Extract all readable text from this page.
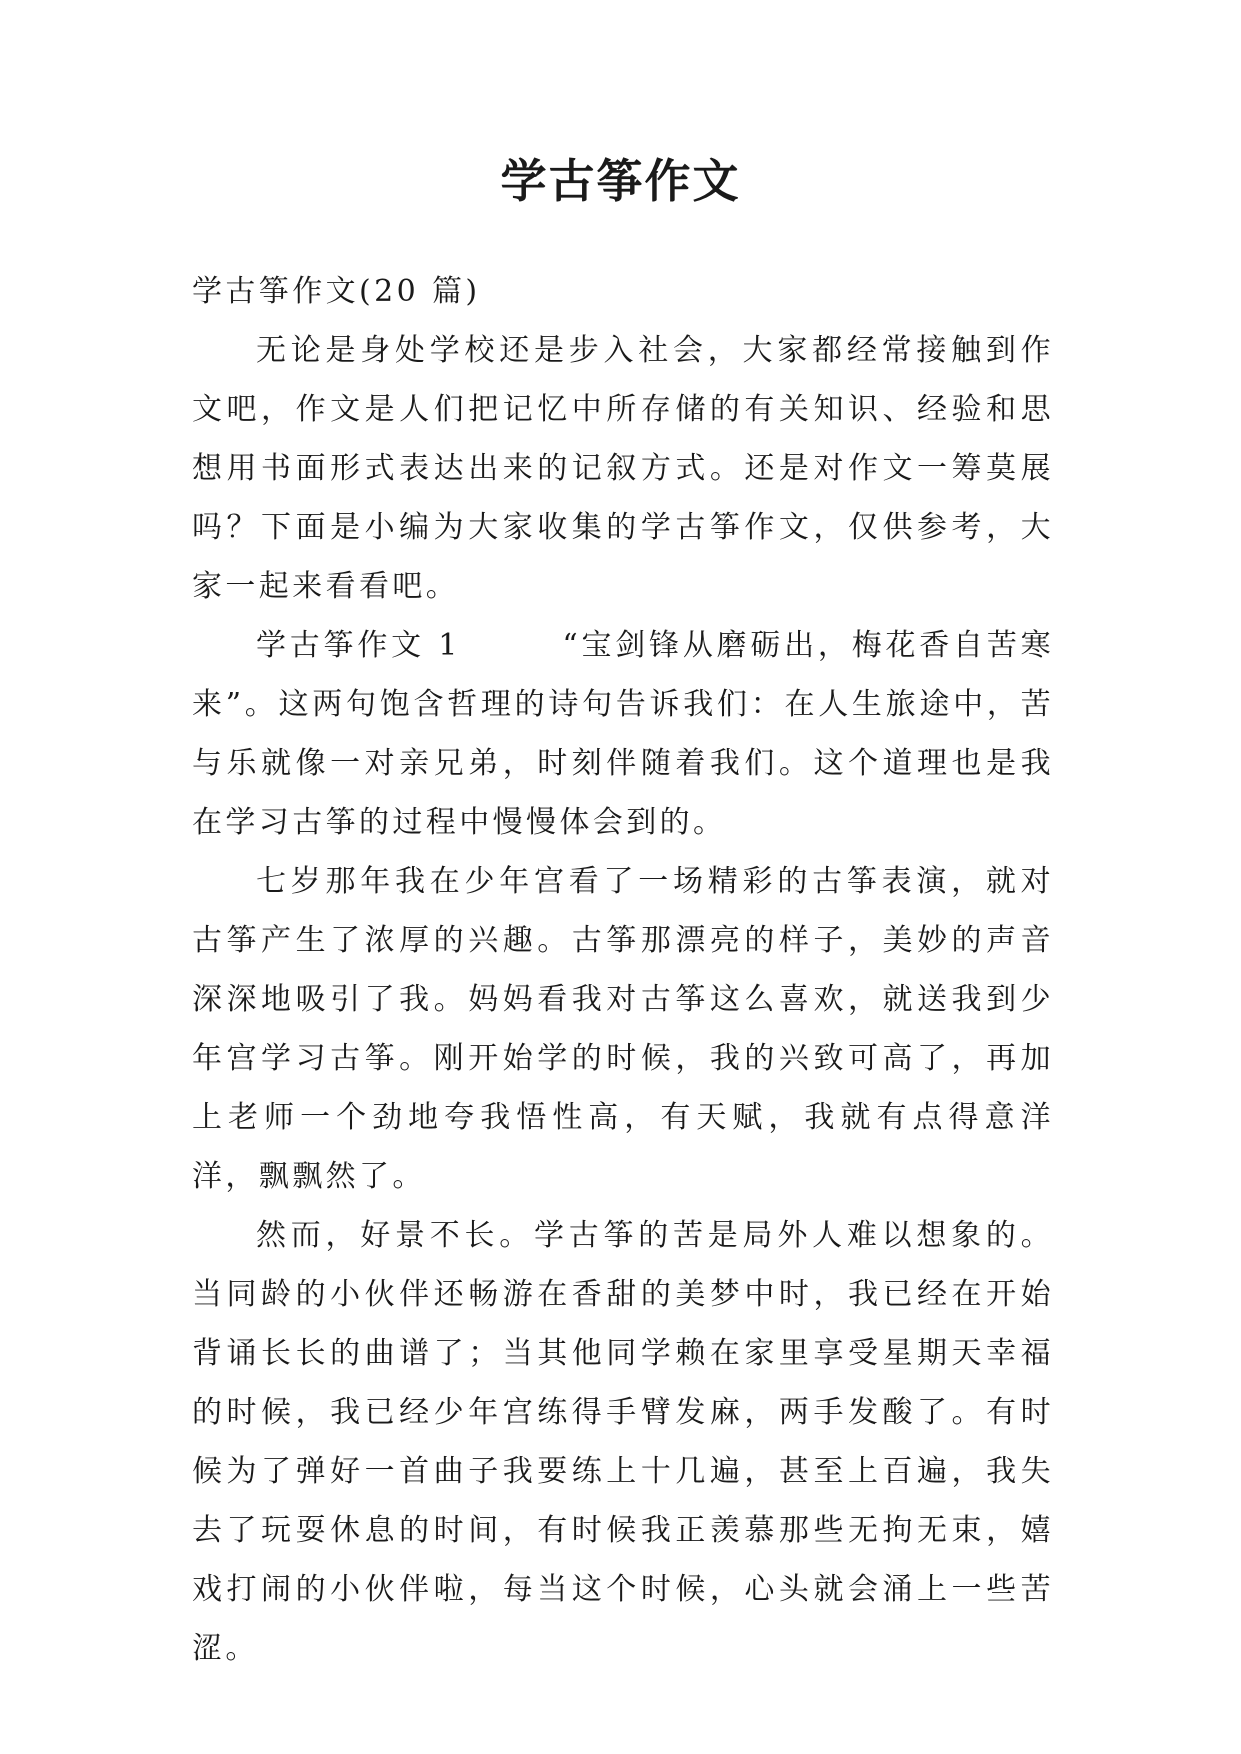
学古筝作文

学古筝作文(20 篇)

无论是身处学校还是步入社会，大家都经常接触到作文吧，作文是人们把记忆中所存储的有关知识、经验和思想用书面形式表达出来的记叙方式。还是对作文一筹莫展吗？下面是小编为大家收集的学古筝作文，仅供参考，大家一起来看看吧。

学古筝作文 1　　　“宝剑锋从磨砺出，梅花香自苦寒来”。这两句饱含哲理的诗句告诉我们：在人生旅途中，苦与乐就像一对亲兄弟，时刻伴随着我们。这个道理也是我在学习古筝的过程中慢慢体会到的。

七岁那年我在少年宫看了一场精彩的古筝表演，就对古筝产生了浓厚的兴趣。古筝那漂亮的样子，美妙的声音深深地吸引了我。妈妈看我对古筝这么喜欢，就送我到少年宫学习古筝。刚开始学的时候，我的兴致可高了，再加上老师一个劲地夸我悟性高，有天赋，我就有点得意洋洋，飘飘然了。

然而，好景不长。学古筝的苦是局外人难以想象的。当同龄的小伙伴还畅游在香甜的美梦中时，我已经在开始背诵长长的曲谱了；当其他同学赖在家里享受星期天幸福的时候，我已经少年宫练得手臂发麻，两手发酸了。有时候为了弹好一首曲子我要练上十几遍，甚至上百遍，我失去了玩耍休息的时间，有时候我正羡慕那些无拘无束，嬉戏打闹的小伙伴啦，每当这个时候，心头就会涌上一些苦涩。
